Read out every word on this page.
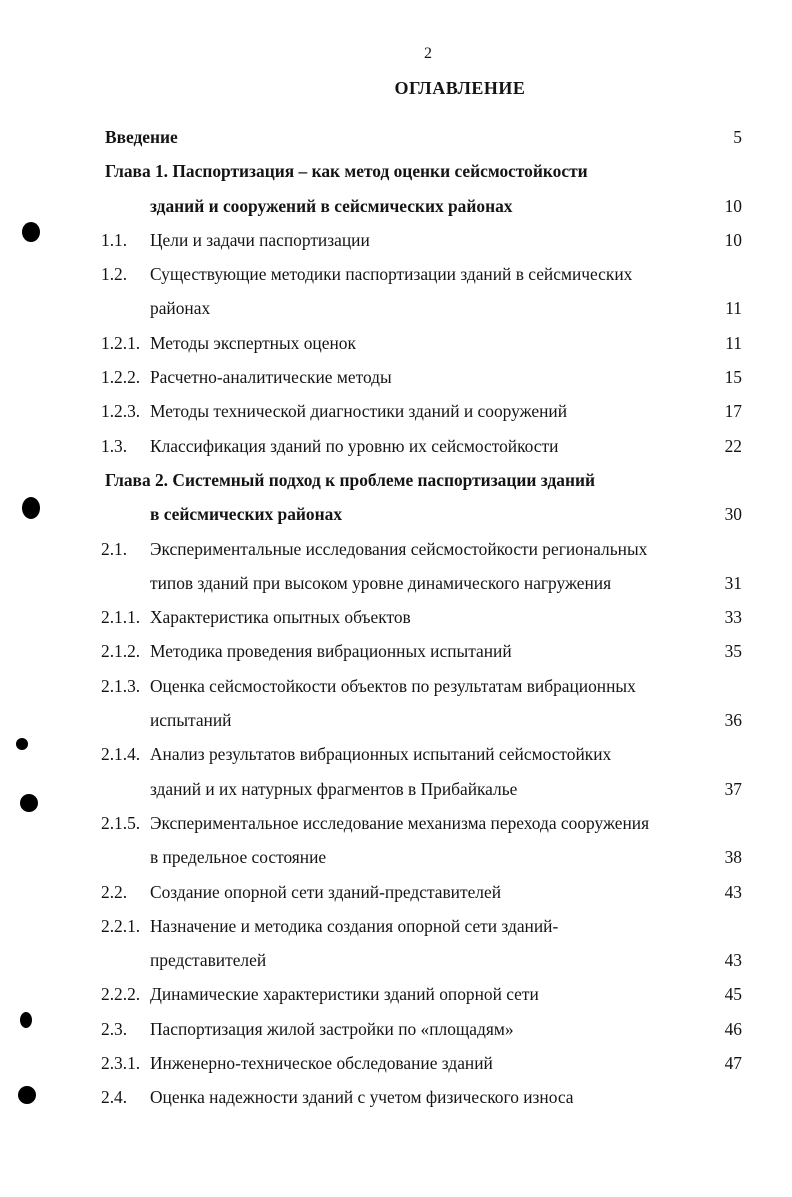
2
ОГЛАВЛЕНИЕ
Введение	5
Глава 1. Паспортизация – как метод оценки сейсмостойкости
зданий и сооружений в сейсмических районах	10
1.1. Цели и задачи паспортизации	10
1.2. Существующие методики паспортизации зданий в сейсмических
районах	11
1.2.1. Методы экспертных оценок	11
1.2.2. Расчетно-аналитические методы	15
1.2.3. Методы технической диагностики зданий и сооружений	17
1.3. Классификация зданий по уровню их сейсмостойкости	22
Глава 2. Системный подход к проблеме паспортизации зданий
в сейсмических районах	30
2.1. Экспериментальные исследования сейсмостойкости региональных
типов зданий при высоком уровне динамического нагружения	31
2.1.1. Характеристика опытных объектов	33
2.1.2. Методика проведения вибрационных испытаний	35
2.1.3. Оценка сейсмостойкости объектов по результатам вибрационных
испытаний	36
2.1.4. Анализ результатов вибрационных испытаний сейсмостойких
зданий и их натурных фрагментов в Прибайкалье	37
2.1.5. Экспериментальное исследование механизма перехода сооружения
в предельное состояние	38
2.2. Создание опорной сети зданий-представителей	43
2.2.1. Назначение и методика создания опорной сети зданий-
представителей	43
2.2.2. Динамические характеристики зданий опорной сети	45
2.3. Паспортизация жилой застройки по «площадям»	46
2.3.1. Инженерно-техническое обследование зданий	47
2.4. Оценка надежности зданий с учетом физического износа
